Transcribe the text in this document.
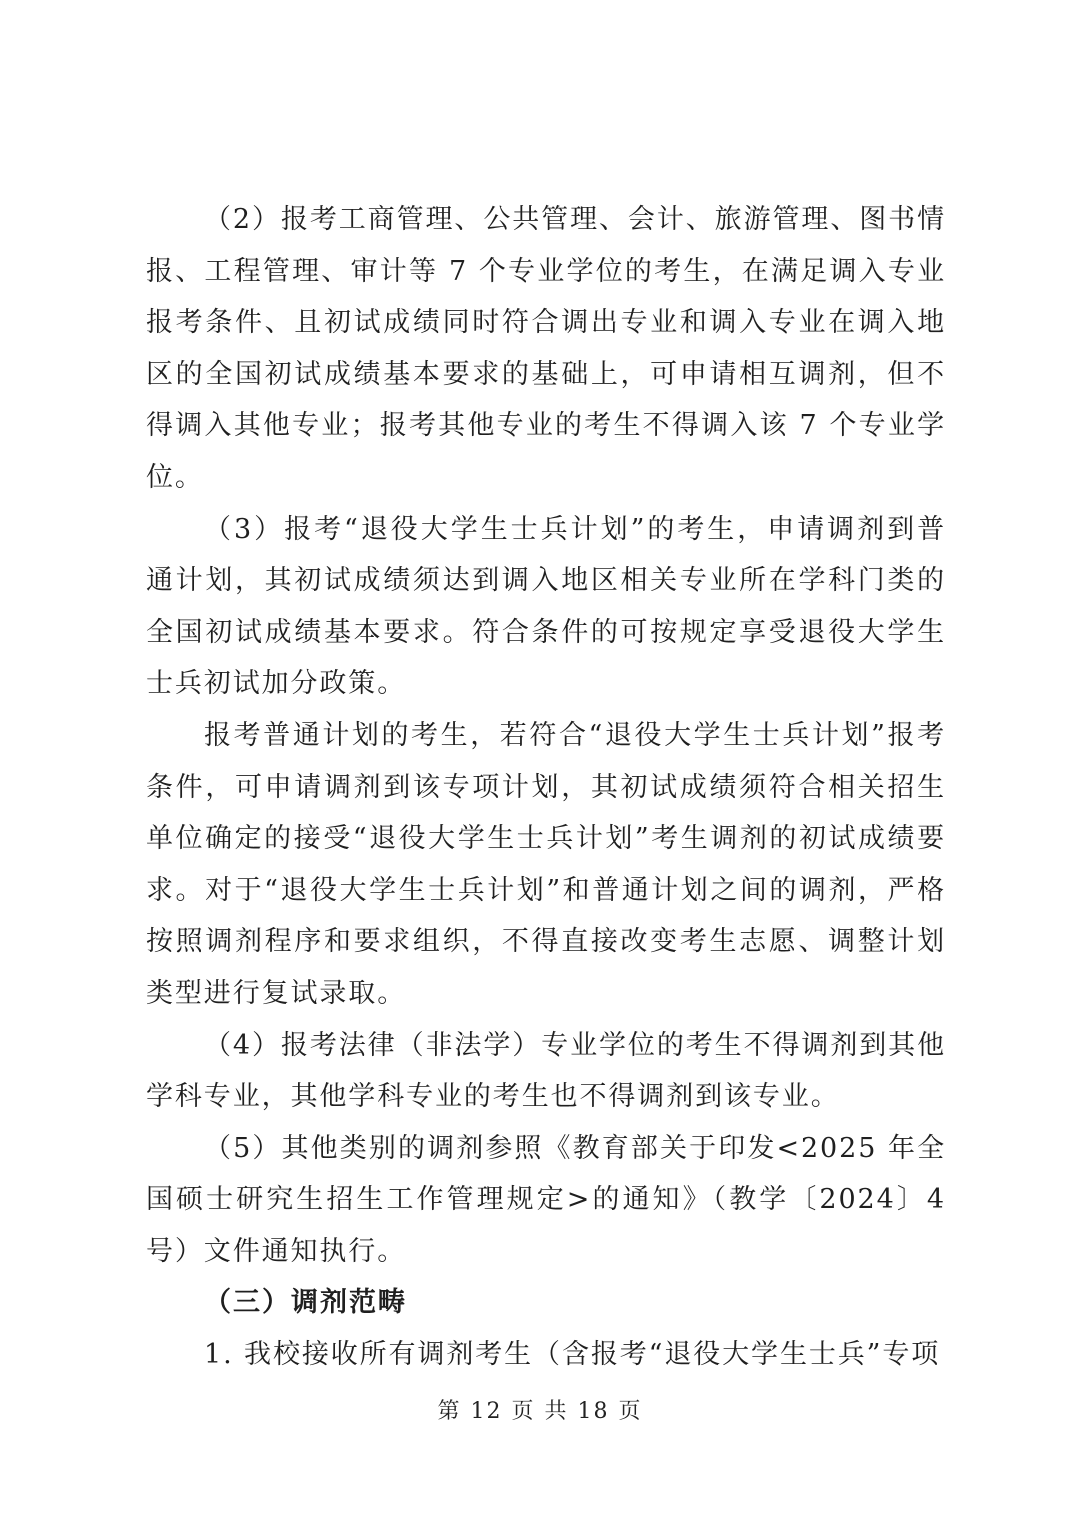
（2）报考工商管理、公共管理、会计、旅游管理、图书情报、工程管理、审计等 7 个专业学位的考生，在满足调入专业报考条件、且初试成绩同时符合调出专业和调入专业在调入地区的全国初试成绩基本要求的基础上，可申请相互调剂，但不得调入其他专业；报考其他专业的考生不得调入该 7 个专业学位。

（3）报考“退役大学生士兵计划”的考生，申请调剂到普通计划，其初试成绩须达到调入地区相关专业所在学科门类的全国初试成绩基本要求。符合条件的可按规定享受退役大学生士兵初试加分政策。

报考普通计划的考生，若符合“退役大学生士兵计划”报考条件，可申请调剂到该专项计划，其初试成绩须符合相关招生单位确定的接受“退役大学生士兵计划”考生调剂的初试成绩要求。对于“退役大学生士兵计划”和普通计划之间的调剂，严格按照调剂程序和要求组织，不得直接改变考生志愿、调整计划类型进行复试录取。

（4）报考法律（非法学）专业学位的考生不得调剂到其他学科专业，其他学科专业的考生也不得调剂到该专业。

（5）其他类别的调剂参照《教育部关于印发<2025 年全国硕士研究生招生工作管理规定>的通知》（教学〔2024〕4 号）文件通知执行。

（三）调剂范畴

1. 我校接收所有调剂考生（含报考“退役大学生士兵”专项

第 12 页 共 18 页
